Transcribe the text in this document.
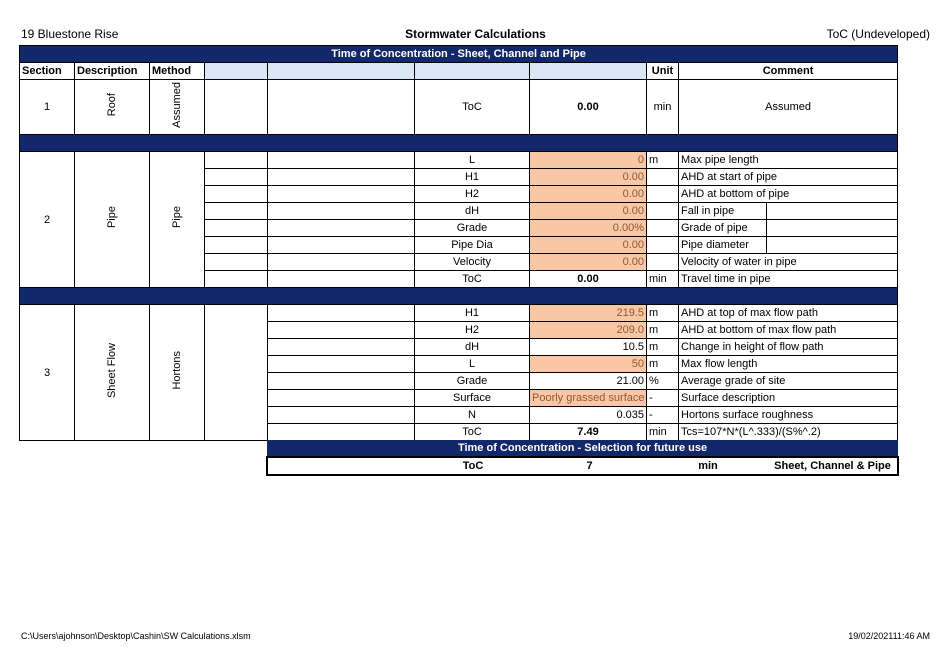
19 Bluestone Rise	Stormwater Calculations	ToC (Undeveloped)
Time of Concentration - Sheet, Channel and Pipe									
Section	Description	Method					Unit	Comment	
1	Roof	Assumed			ToC	0.00	min	Assumed	

2	Pipe	Pipe			L	0	m	Max pipe length	
					H1	0.00		AHD at start of pipe	
					H2	0.00		AHD at bottom of pipe	
					dH	0.00		Fall in pipe	
					Grade	0.00%		Grade of pipe	
					Pipe Dia	0.00		Pipe diameter	
					Velocity	0.00		Velocity of water in pipe	
					ToC	0.00	min	Travel time in pipe	

3	Sheet Flow	Hortons			H1	219.5	m	AHD at top of max flow path	
					H2	209.0	m	AHD at bottom of max flow path	
					dH	10.5	m	Change in height of flow path	
					L	50	m	Max flow length	
					Grade	21.00	%	Average grade of site	
					Surface	Poorly grassed surface	-	Surface description	
					N	0.035	-	Hortons surface roughness	
					ToC	7.49	min	Tcs=107*N*(L^.333)/(S%^.2)	
Time of Concentration - Selection for future use
	ToC	7	min	Sheet, Channel & Pipe
C:\Users\ajohnson\Desktop\Cashin\SW Calculations.xlsm	19/02/202111:46 AM
